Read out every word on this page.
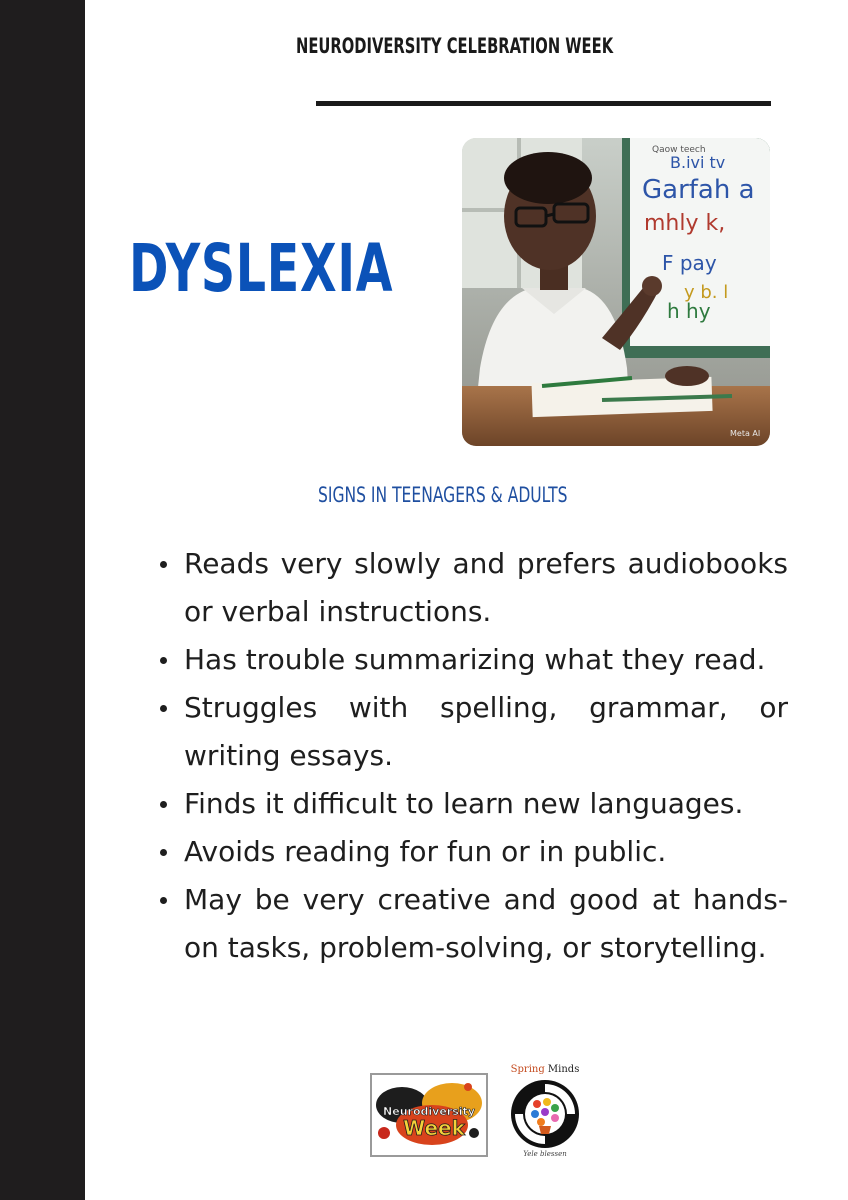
NEURODIVERSITY CELEBRATION WEEK
DYSLEXIA
Qaow teech
B.ivi tv
Garfah a
mhly k,
F pay
y b. l
h hy
Meta AI
SIGNS IN TEENAGERS & ADULTS
Reads very slowly and prefers audiobooks or verbal instructions.
Has trouble summarizing what they read.
Struggles with spelling, grammar, or writing essays.
Finds it difficult to learn new languages.
Avoids reading for fun or in public.
May be very creative and good at hands-on tasks, problem-solving, or storytelling.
Neurodiversity
Week
Spring Minds
Yele blessen
